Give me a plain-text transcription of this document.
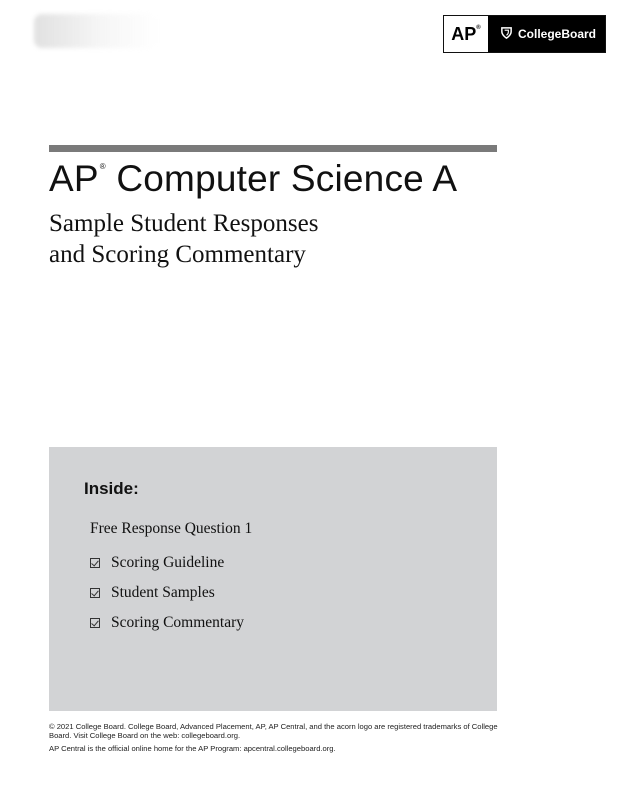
AP®	CollegeBoard
AP® Computer Science A
Sample Student Responses
and Scoring Commentary
Inside:
Free Response Question 1
Scoring Guideline
Student Samples
Scoring Commentary

© 2021 College Board. College Board, Advanced Placement, AP, AP Central, and the acorn logo are registered trademarks of College Board. Visit College Board on the web: collegeboard.org.

AP Central is the official online home for the AP Program: apcentral.collegeboard.org.
